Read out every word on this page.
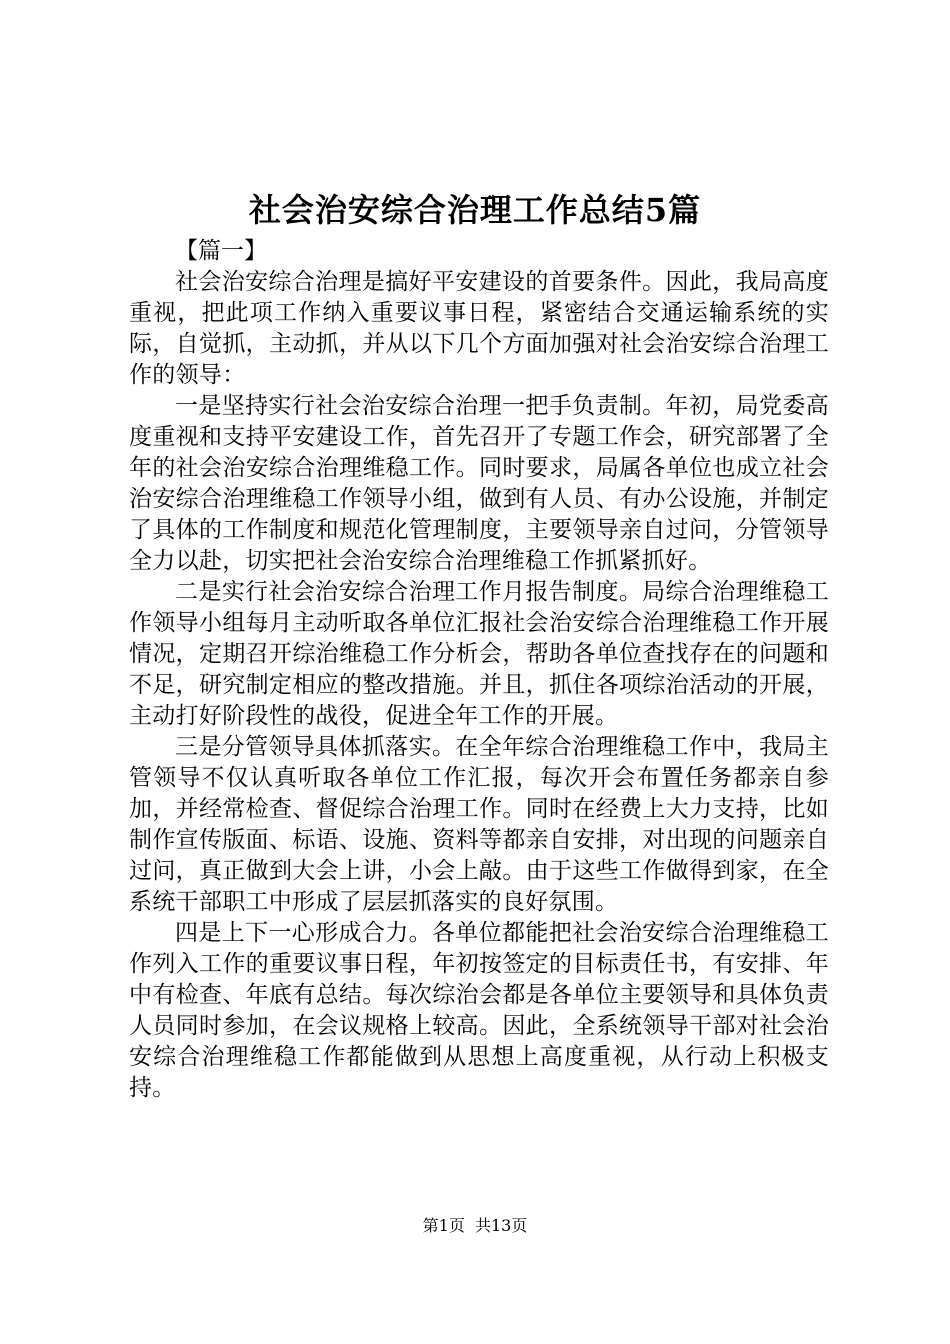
社会治安综合治理工作总结5篇

【篇一】

社会治安综合治理是搞好平安建设的首要条件。因此，我局高度重视，把此项工作纳入重要议事日程，紧密结合交通运输系统的实际，自觉抓，主动抓，并从以下几个方面加强对社会治安综合治理工作的领导：

一是坚持实行社会治安综合治理一把手负责制。年初，局党委高度重视和支持平安建设工作，首先召开了专题工作会，研究部署了全年的社会治安综合治理维稳工作。同时要求，局属各单位也成立社会治安综合治理维稳工作领导小组，做到有人员、有办公设施，并制定了具体的工作制度和规范化管理制度，主要领导亲自过问，分管领导全力以赴，切实把社会治安综合治理维稳工作抓紧抓好。

二是实行社会治安综合治理工作月报告制度。局综合治理维稳工作领导小组每月主动听取各单位汇报社会治安综合治理维稳工作开展情况，定期召开综治维稳工作分析会，帮助各单位查找存在的问题和不足，研究制定相应的整改措施。并且，抓住各项综治活动的开展，主动打好阶段性的战役，促进全年工作的开展。

三是分管领导具体抓落实。在全年综合治理维稳工作中，我局主管领导不仅认真听取各单位工作汇报，每次开会布置任务都亲自参加，并经常检查、督促综合治理工作。同时在经费上大力支持，比如制作宣传版面、标语、设施、资料等都亲自安排，对出现的问题亲自过问，真正做到大会上讲，小会上敲。由于这些工作做得到家，在全系统干部职工中形成了层层抓落实的良好氛围。

四是上下一心形成合力。各单位都能把社会治安综合治理维稳工作列入工作的重要议事日程，年初按签定的目标责任书，有安排、年中有检查、年底有总结。每次综治会都是各单位主要领导和具体负责人员同时参加，在会议规格上较高。因此，全系统领导干部对社会治安综合治理维稳工作都能做到从思想上高度重视，从行动上积极支持。

第1页  共13页
